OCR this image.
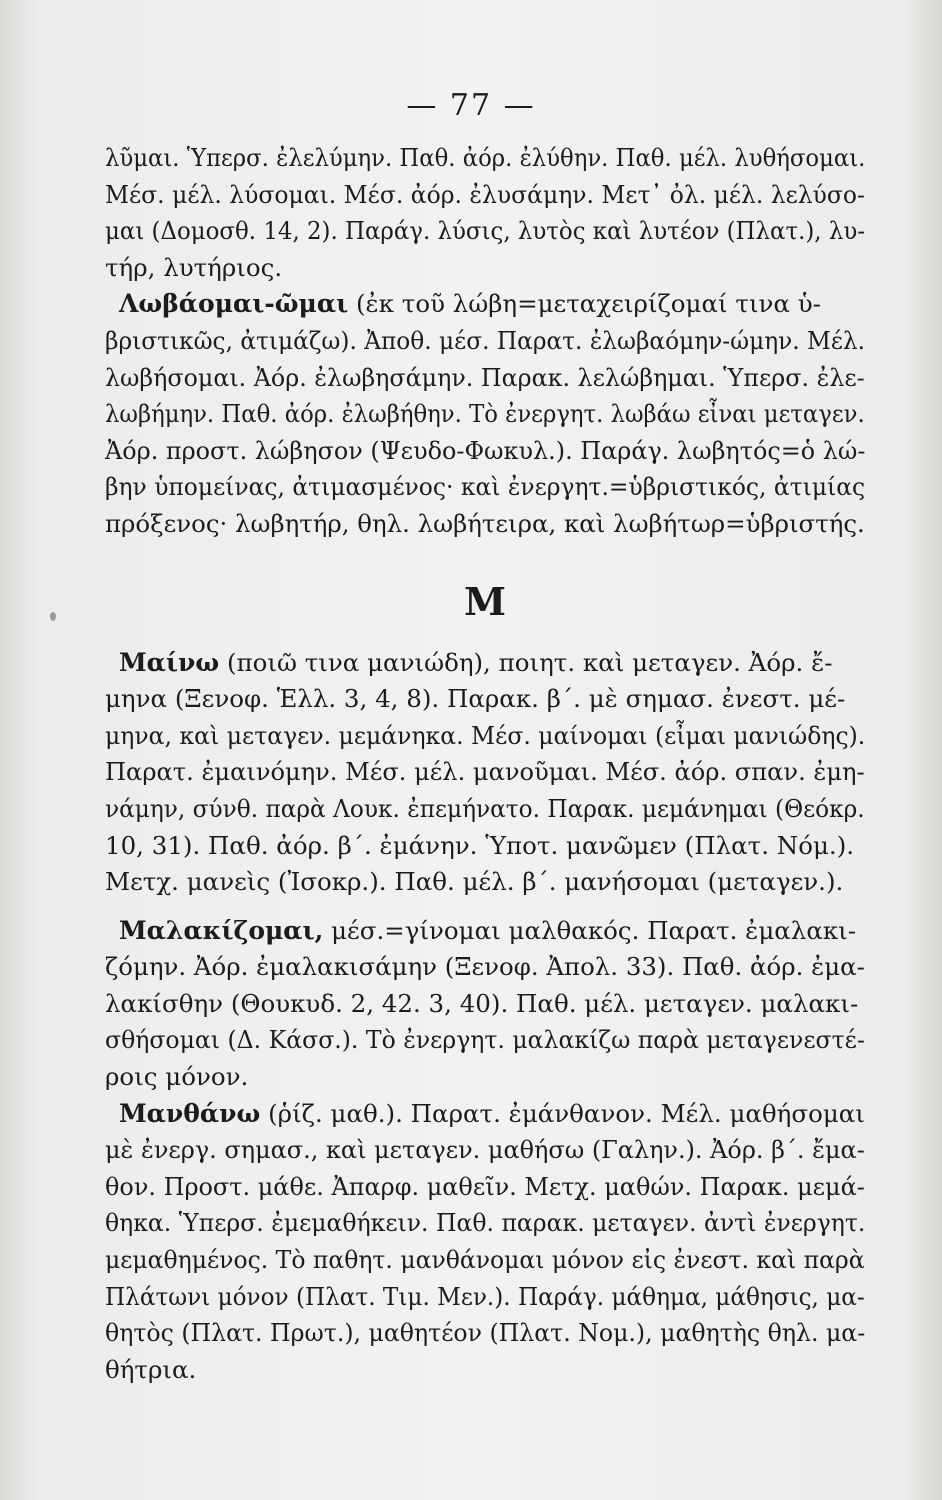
— 77 —
λῦμαι. Ὑπερσ. ἐλελύμην. Παθ. ἀόρ. ἐλύθην. Παθ. μέλ. λυθήσομαι.
Μέσ. μέλ. λύσομαι. Μέσ. ἀόρ. ἐλυσάμην. Μετ᾽ ὀλ. μέλ. λελύσο-
μαι (Δομοσθ. 14, 2). Παράγ. λύσις, λυτὸς καὶ λυτέον (Πλατ.), λυ-
τήρ, λυτήριος.
Λωβάομαι-ῶμαι (ἐκ τοῦ λώβη=μεταχειρίζομαί τινα ὑ-
βριστικῶς, ἀτιμάζω). Ἀποθ. μέσ. Παρατ. ἐλωβαόμην-ώμην. Μέλ.
λωβήσομαι. Ἀόρ. ἐλωβησάμην. Παρακ. λελώβημαι. Ὑπερσ. ἐλε-
λωβήμην. Παθ. ἀόρ. ἐλωβήθην. Τὸ ἐνεργητ. λωβάω εἶναι μεταγεν.
Ἀόρ. προστ. λώβησον (Ψευδο-Φωκυλ.). Παράγ. λωβητός=ὁ λώ-
βην ὑπομείνας, ἀτιμασμένος· καὶ ἐνεργητ.=ὑβριστικός, ἀτιμίας
πρόξενος· λωβητήρ, θηλ. λωβήτειρα, καὶ λωβήτωρ=ὑβριστής.
Μ
Μαίνω (ποιῶ τινα μανιώδη), ποιητ. καὶ μεταγεν. Ἀόρ. ἔ-
μηνα (Ξενοφ. Ἑλλ. 3, 4, 8). Παρακ. β΄. μὲ σημασ. ἐνεστ. μέ-
μηνα, καὶ μεταγεν. μεμάνηκα. Μέσ. μαίνομαι (εἶμαι μανιώδης).
Παρατ. ἐμαινόμην. Μέσ. μέλ. μανοῦμαι. Μέσ. ἀόρ. σπαν. ἐμη-
νάμην, σύνθ. παρὰ Λουκ. ἐπεμήνατο. Παρακ. μεμάνημαι (Θεόκρ.
10, 31). Παθ. ἀόρ. β΄. ἐμάνην. Ὑποτ. μανῶμεν (Πλατ. Νόμ.).
Μετχ. μανεὶς (Ἰσοκρ.). Παθ. μέλ. β΄. μανήσομαι (μεταγεν.).
Μαλακίζομαι, μέσ.=γίνομαι μαλθακός. Παρατ. ἐμαλακι-
ζόμην. Ἀόρ. ἐμαλακισάμην (Ξενοφ. Ἀπολ. 33). Παθ. ἀόρ. ἐμα-
λακίσθην (Θουκυδ. 2, 42. 3, 40). Παθ. μέλ. μεταγεν. μαλακι-
σθήσομαι (Δ. Κάσσ.). Τὸ ἐνεργητ. μαλακίζω παρὰ μεταγενεστέ-
ροις μόνον.
Μανθάνω (ῥίζ. μαθ.). Παρατ. ἐμάνθανον. Μέλ. μαθήσομαι
μὲ ἐνεργ. σημασ., καὶ μεταγεν. μαθήσω (Γαλην.). Ἀόρ. β΄. ἔμα-
θον. Προστ. μάθε. Ἀπαρφ. μαθεῖν. Μετχ. μαθών. Παρακ. μεμά-
θηκα. Ὑπερσ. ἐμεμαθήκειν. Παθ. παρακ. μεταγεν. ἀντὶ ἐνεργητ.
μεμαθημένος. Τὸ παθητ. μανθάνομαι μόνον εἰς ἐνεστ. καὶ παρὰ
Πλάτωνι μόνον (Πλατ. Τιμ. Μεν.). Παράγ. μάθημα, μάθησις, μα-
θητὸς (Πλατ. Πρωτ.), μαθητέον (Πλατ. Νομ.), μαθητὴς θηλ. μα-
θήτρια.
